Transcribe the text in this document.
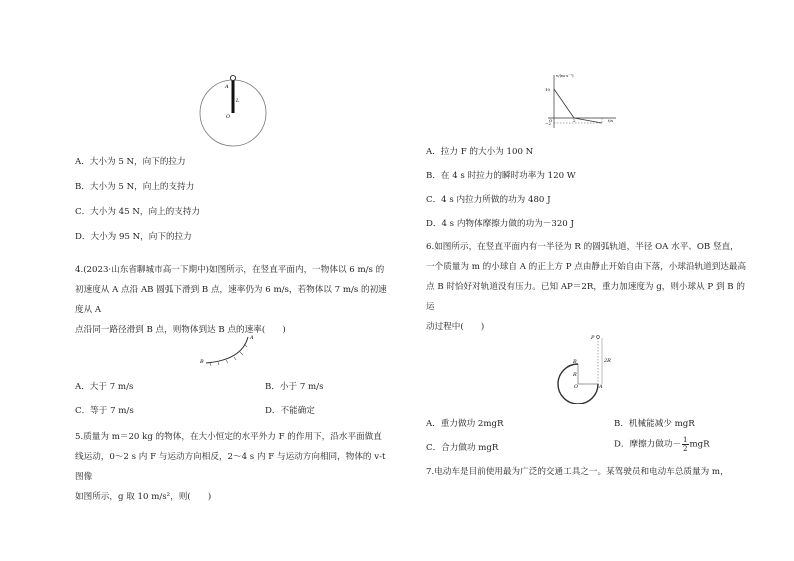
A
L
O
A．大小为 5 N，向下的拉力
B．大小为 5 N，向上的支持力
C．大小为 45 N，向上的支持力
D．大小为 95 N，向下的拉力
4.(2023·山东省聊城市高一下期中)如图所示，在竖直平面内，一物体以 6 m/s 的
初速度从 A 点沿 AB 圆弧下滑到 B 点，速率仍为 6 m/s，若物体以 7 m/s 的初速度从 A
点沿同一路径滑到 B 点，则物体到达 B 点的速率(　　)
A
B
A．大于 7 m/s	B．小于 7 m/s
C．等于 7 m/s	D．不能确定
5.质量为 m＝20 kg 的物体，在大小恒定的水平外力 F 的作用下，沿水平面做直
线运动，0～2 s 内 F 与运动方向相反，2～4 s 内 F 与运动方向相同，物体的 v-t 图像
如图所示，g 取 10 m/s²，则(　　)
v/(m·s⁻¹)
10
−2
O	2	t/s
A．拉力 F 的大小为 100 N
B．在 4 s 时拉力的瞬时功率为 120 W
C．4 s 内拉力所做的功为 480 J
D．4 s 内物体摩擦力做的功为－320 J
6.如图所示，在竖直平面内有一半径为 R 的圆弧轨道，半径 OA 水平、OB 竖直，
一个质量为 m 的小球自 A 的正上方 P 点由静止开始自由下落，小球沿轨道到达最高
点 B 时恰好对轨道没有压力。已知 AP＝2R，重力加速度为 g，则小球从 P 到 B 的运
动过程中(　　)
P
B
R
O	A
2R
A．重力做功 2mgR	B．机械能减少 mgR
C．合力做功 mgR	D．摩擦力做功－ $\frac{1}{2}$ mgR
7.电动车是目前使用最为广泛的交通工具之一。某驾驶员和电动车总质量为 m，
